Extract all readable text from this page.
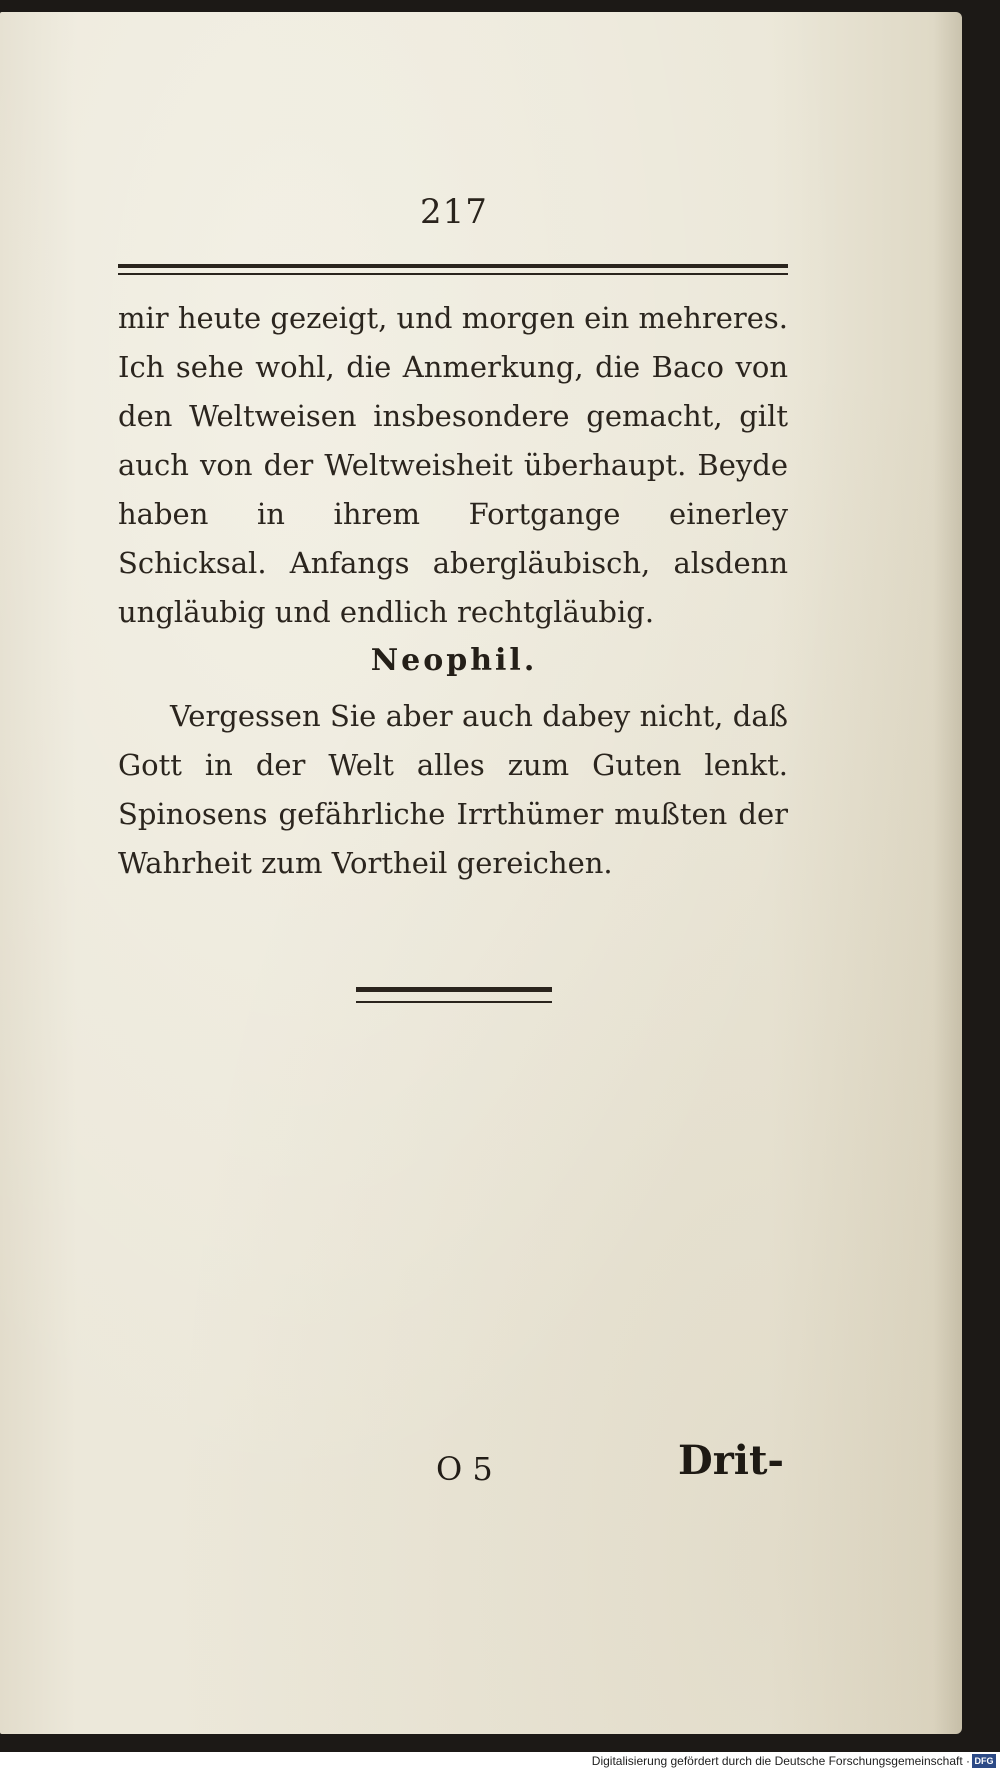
217

mir heute gezeigt, und morgen ein mehreres. Ich sehe wohl, die Anmerkung, die Baco von den Weltweisen insbesondere gemacht, gilt auch von der Weltweisheit überhaupt. Beyde haben in ihrem Fortgange einerley Schicksal. Anfangs abergläubisch, alsdenn ungläubig und endlich rechtgläubig.

Neophil.

Vergessen Sie aber auch dabey nicht, daß Gott in der Welt alles zum Guten lenkt. Spinosens gefährliche Irrthümer mußten der Wahrheit zum Vortheil gereichen.

O 5	Drit-
Digitalisierung gefördert durch die Deutsche Forschungsgemeinschaft · DFG
